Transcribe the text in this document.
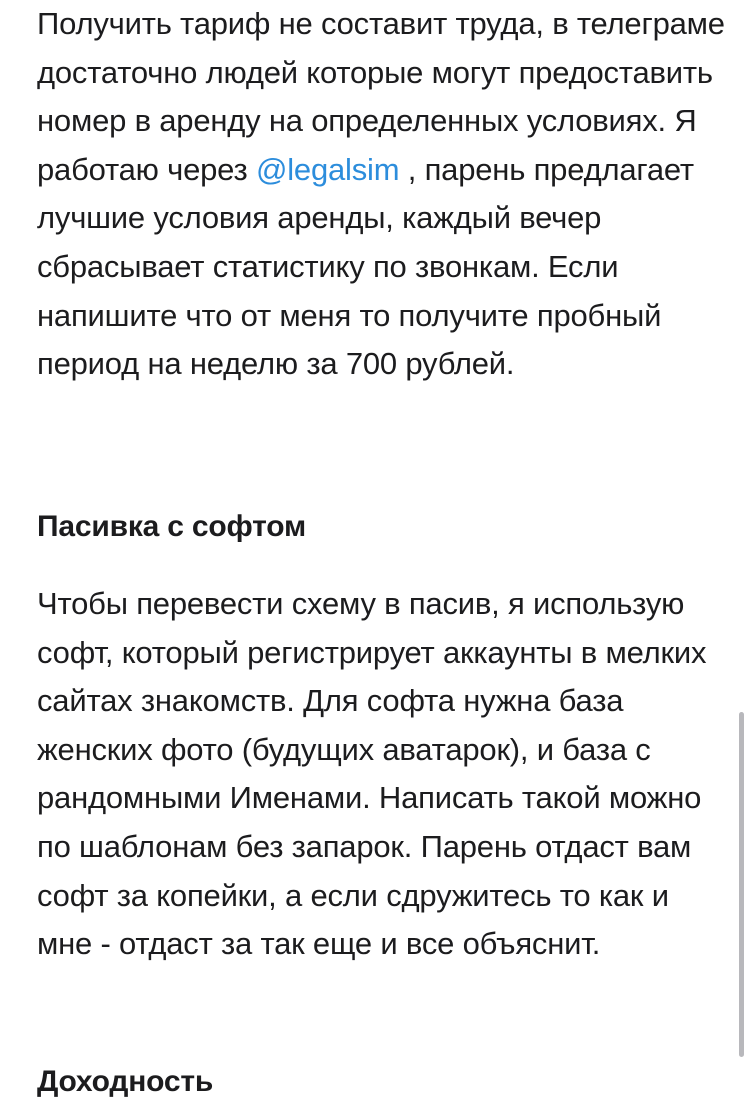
Получить тариф не составит труда, в телеграме достаточно людей которые могут предоставить номер в аренду на определенных условиях. Я работаю через @legalsim , парень предлагает лучшие условия аренды, каждый вечер сбрасывает статистику по звонкам. Если напишите что от меня то получите пробный период на неделю за 700 рублей.

Пасивка с софтом

Чтобы перевести схему в пасив, я использую софт, который регистрирует аккаунты в мелких сайтах знакомств. Для софта нужна база женских фото (будущих аватарок), и база с рандомными Именами. Написать такой можно по шаблонам без запарок. Парень отдаст вам софт за копейки, а если сдружитесь то как и мне - отдаст за так еще и все объяснит.

Доходность
